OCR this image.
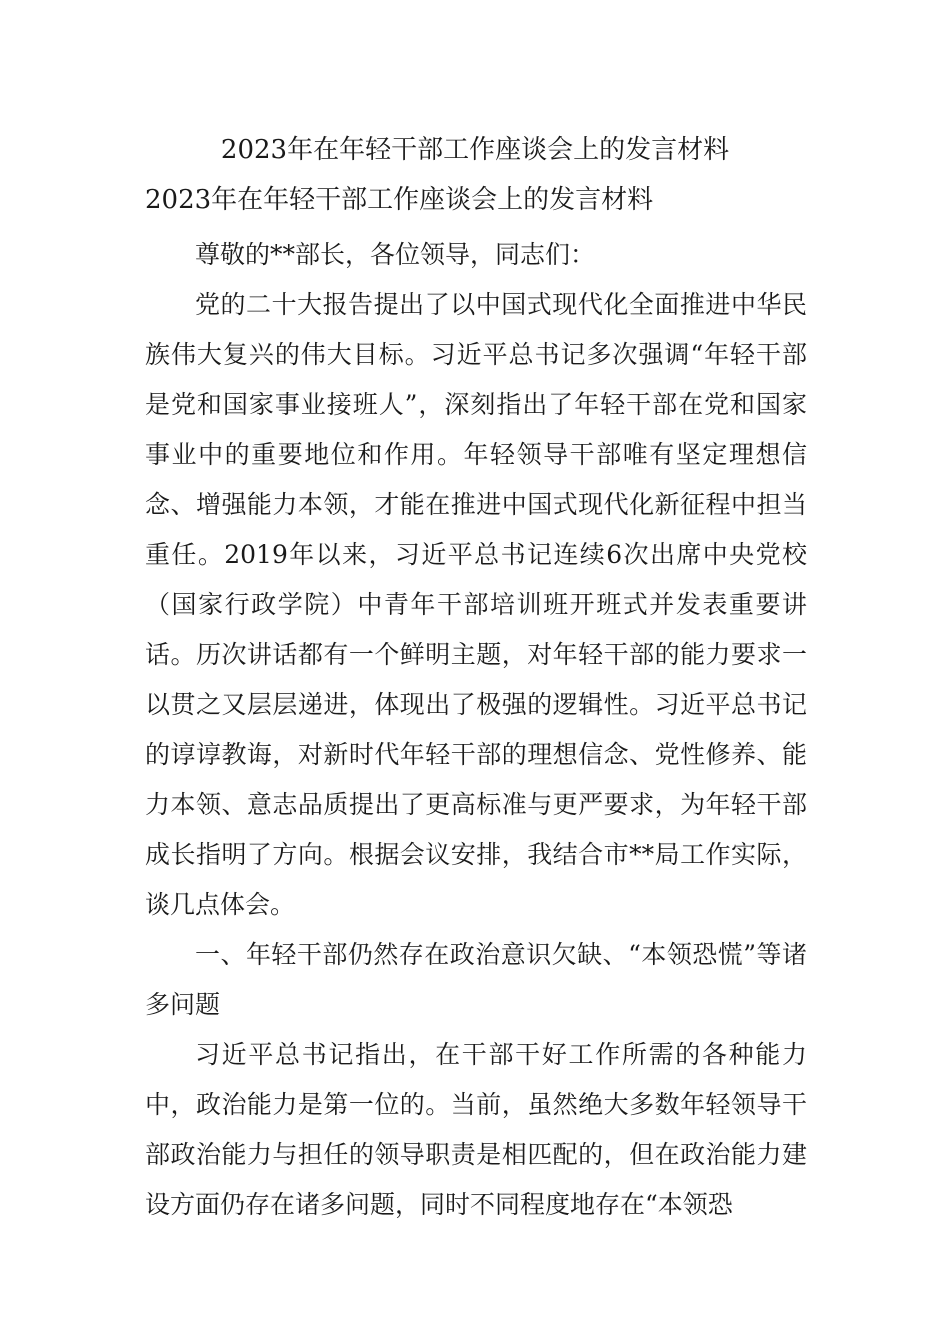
2023年在年轻干部工作座谈会上的发言材料
2023年在年轻干部工作座谈会上的发言材料

尊敬的**部长，各位领导，同志们：

党的二十大报告提出了以中国式现代化全面推进中华民族伟大复兴的伟大目标。习近平总书记多次强调“年轻干部是党和国家事业接班人”，深刻指出了年轻干部在党和国家事业中的重要地位和作用。年轻领导干部唯有坚定理想信念、增强能力本领，才能在推进中国式现代化新征程中担当重任。2019年以来，习近平总书记连续6次出席中央党校（国家行政学院）中青年干部培训班开班式并发表重要讲话。历次讲话都有一个鲜明主题，对年轻干部的能力要求一以贯之又层层递进，体现出了极强的逻辑性。习近平总书记的谆谆教诲，对新时代年轻干部的理想信念、党性修养、能力本领、意志品质提出了更高标准与更严要求，为年轻干部成长指明了方向。根据会议安排，我结合市**局工作实际，谈几点体会。

一、年轻干部仍然存在政治意识欠缺、“本领恐慌”等诸多问题

习近平总书记指出，在干部干好工作所需的各种能力中，政治能力是第一位的。当前，虽然绝大多数年轻领导干部政治能力与担任的领导职责是相匹配的，但在政治能力建设方面仍存在诸多问题，同时不同程度地存在“本领恐
